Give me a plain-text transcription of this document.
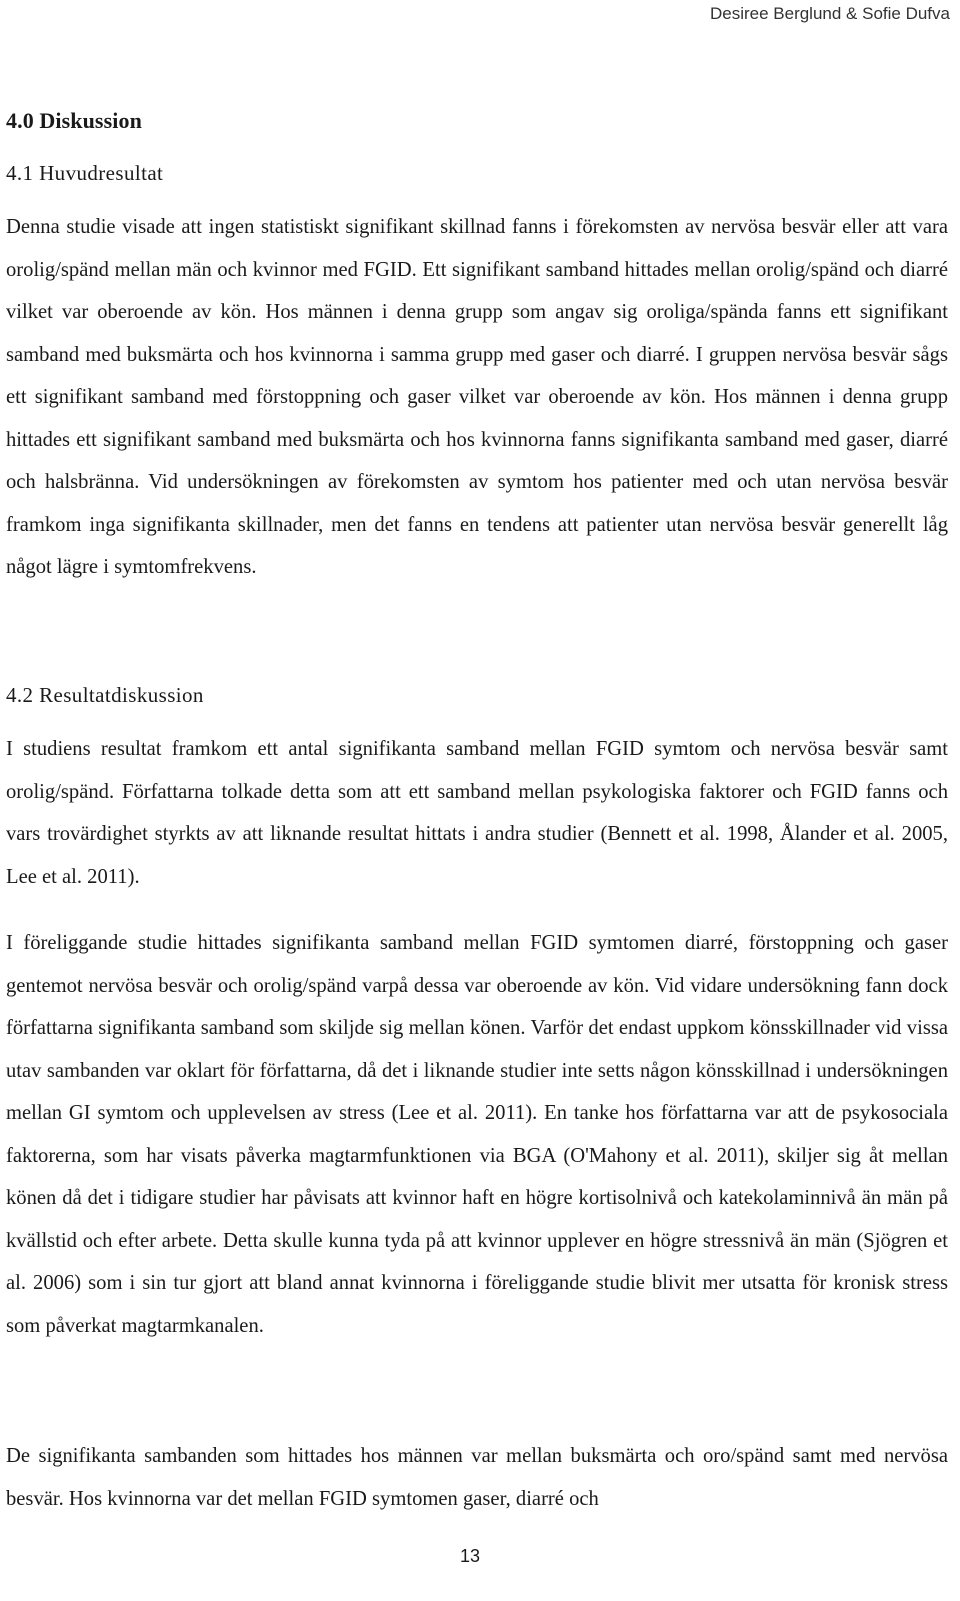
Desiree Berglund & Sofie Dufva
4.0 Diskussion
4.1 Huvudresultat

Denna studie visade att ingen statistiskt signifikant skillnad fanns i förekomsten av nervösa besvär eller att vara orolig/spänd mellan män och kvinnor med FGID. Ett signifikant samband hittades mellan orolig/spänd och diarré vilket var oberoende av kön. Hos männen i denna grupp som angav sig oroliga/spända fanns ett signifikant samband med buksmärta och hos kvinnorna i samma grupp med gaser och diarré. I gruppen nervösa besvär sågs ett signifikant samband med förstoppning och gaser vilket var oberoende av kön. Hos männen i denna grupp hittades ett signifikant samband med buksmärta och hos kvinnorna fanns signifikanta samband med gaser, diarré och halsbränna. Vid undersökningen av förekomsten av symtom hos patienter med och utan nervösa besvär framkom inga signifikanta skillnader, men det fanns en tendens att patienter utan nervösa besvär generellt låg något lägre i symtomfrekvens.

4.2 Resultatdiskussion

I studiens resultat framkom ett antal signifikanta samband mellan FGID symtom och nervösa besvär samt orolig/spänd. Författarna tolkade detta som att ett samband mellan psykologiska faktorer och FGID fanns och vars trovärdighet styrkts av att liknande resultat hittats i andra studier (Bennett et al. 1998, Ålander et al. 2005, Lee et al. 2011).

I föreliggande studie hittades signifikanta samband mellan FGID symtomen diarré, förstoppning och gaser gentemot nervösa besvär och orolig/spänd varpå dessa var oberoende av kön. Vid vidare undersökning fann dock författarna signifikanta samband som skiljde sig mellan könen. Varför det endast uppkom könsskillnader vid vissa utav sambanden var oklart för författarna, då det i liknande studier inte setts någon könsskillnad i undersökningen mellan GI symtom och upplevelsen av stress (Lee et al. 2011). En tanke hos författarna var att de psykosociala faktorerna, som har visats påverka magtarmfunktionen via BGA (O'Mahony et al. 2011), skiljer sig åt mellan könen då det i tidigare studier har påvisats att kvinnor haft en högre kortisolnivå och katekolaminnivå än män på kvällstid och efter arbete. Detta skulle kunna tyda på att kvinnor upplever en högre stressnivå än män (Sjögren et al. 2006) som i sin tur gjort att bland annat kvinnorna i föreliggande studie blivit mer utsatta för kronisk stress som påverkat magtarmkanalen.

De signifikanta sambanden som hittades hos männen var mellan buksmärta och oro/spänd samt med nervösa besvär. Hos kvinnorna var det mellan FGID symtomen gaser, diarré och

13
